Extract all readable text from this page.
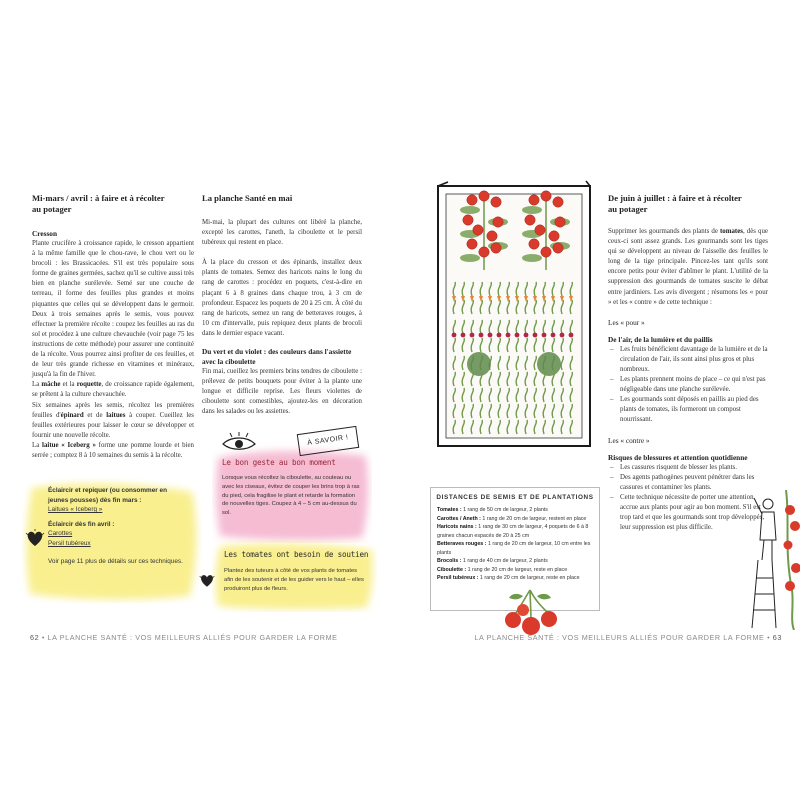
Mi-mars / avril : à faire et à récolter
au potager
Cresson
Plante crucifère à croissance rapide, le cresson appartient à la même famille que le chou-rave, le chou vert ou le brocoli : les Brassicacées. S'il est très populaire sous forme de graines germées, sachez qu'il se cultive aussi très bien en planche surélevée. Semé sur une couche de terreau, il forme des feuilles plus grandes et moins piquantes que celles qui se développent dans le germoir. Deux à trois semaines après le semis, vous pouvez effectuer la première récolte : coupez les feuilles au ras du sol et procédez à une culture chevauchée (voir page 75 les instructions de cette méthode) pour assurer une continuité de la récolte. Vous pourrez ainsi profiter de ces feuilles, et de leur très grande richesse en vitamines et minéraux, jusqu'à la fin de l'hiver.
La mâche et la roquette, de croissance rapide également, se prêtent à la culture chevauchée.
Six semaines après les semis, récoltez les premières feuilles d'épinard et de laitues à couper. Cueillez les feuilles extérieures pour laisser le cœur se développer et fournir une nouvelle récolte.
La laitue « Iceberg » forme une pomme lourde et bien serrée ; comptez 8 à 10 semaines du semis à la récolte.
Éclaircir et repiquer (ou consommer en jeunes pousses) dès fin mars :
Laitues « Iceberg »
Éclaircir dès fin avril :
Carottes
Persil tubéreux
Voir page 11 plus de détails sur ces techniques.
La planche Santé en mai
Mi-mai, la plupart des cultures ont libéré la planche, excepté les carottes, l'aneth, la ciboulette et le persil tubéreux qui restent en place.
À la place du cresson et des épinards, installez deux plants de tomates. Semez des haricots nains le long du rang de carottes : procédez en poquets, c'est-à-dire en plaçant 6 à 8 graines dans chaque trou, à 3 cm de profondeur. Espacez les poquets de 20 à 25 cm. À côté du rang de haricots, semez un rang de betteraves rouges, à 10 cm d'intervalle, puis repiquez deux plants de brocoli dans le dernier espace vacant.
Du vert et du violet : des couleurs dans l'assiette
avec la ciboulette
Fin mai, cueillez les premiers brins tendres de ciboulette : prélevez de petits bouquets pour éviter à la plante une longue et difficile reprise. Les fleurs violettes de ciboulette sont comestibles, ajoutez-les en décoration dans les salades ou les assiettes.
À SAVOIR !
Le bon geste au bon moment
Lorsque vous récoltez la ciboulette, au couteau ou avec les ciseaux, évitez de couper les brins trop à ras du pied, cela fragilise le plant et retarde la formation de nouvelles tiges. Coupez à 4 – 5 cm au-dessus du sol.
Les tomates ont besoin de soutien
Plantez des tuteurs à côté de vos plants de tomates afin de les soutenir et de les guider vers le haut – elles produiront plus de fleurs.
62 • LA PLANCHE SANTÉ : VOS MEILLEURS ALLIÉS POUR GARDER LA FORME
DISTANCES DE SEMIS ET DE PLANTATIONS
Tomates : 1 rang de 50 cm de largeur, 2 plants
Carottes / Aneth : 1 rang de 20 cm de largeur, restent en place
Haricots nains : 1 rang de 30 cm de largeur, 4 poquets de 6 à 8 graines chacun espacés de 20 à 25 cm
Betteraves rouges : 1 rang de 20 cm de largeur, 10 cm entre les plants
Brocolis : 1 rang de 40 cm de largeur, 2 plants
Ciboulette : 1 rang de 20 cm de largeur, reste en place
Persil tubéreux : 1 rang de 20 cm de largeur, reste en place
De juin à juillet : à faire et à récolter
au potager
Supprimer les gourmands des plants de tomates, dès que ceux-ci sont assez grands. Les gourmands sont les tiges qui se développent au niveau de l'aisselle des feuilles le long de la tige principale. Pincez-les tant qu'ils sont encore petits pour éviter d'abîmer le plant. L'utilité de la suppression des gourmands de tomates suscite le débat entre jardiniers. Les avis divergent ; résumons les « pour » et les « contre » de cette technique :
Les « pour »
De l'air, de la lumière et du paillis
– Les fruits bénéficient davantage de la lumière et de la circulation de l'air, ils sont ainsi plus gros et plus nombreux.
– Les plants prennent moins de place – ce qui n'est pas négligeable dans une planche surélevée.
– Les gourmands sont déposés en paillis au pied des plants de tomates, ils formeront un compost nourrissant.
Les « contre »
Risques de blessures et attention quotidienne
– Les cassures risquent de blesser les plants.
– Des agents pathogènes peuvent pénétrer dans les cassures et contaminer les plants.
– Cette technique nécessite de porter une attention accrue aux plants pour agir au bon moment. S'il est trop tard et que les gourmands sont trop développés, leur suppression est plus difficile.
LA PLANCHE SANTÉ : VOS MEILLEURS ALLIÉS POUR GARDER LA FORME • 63
